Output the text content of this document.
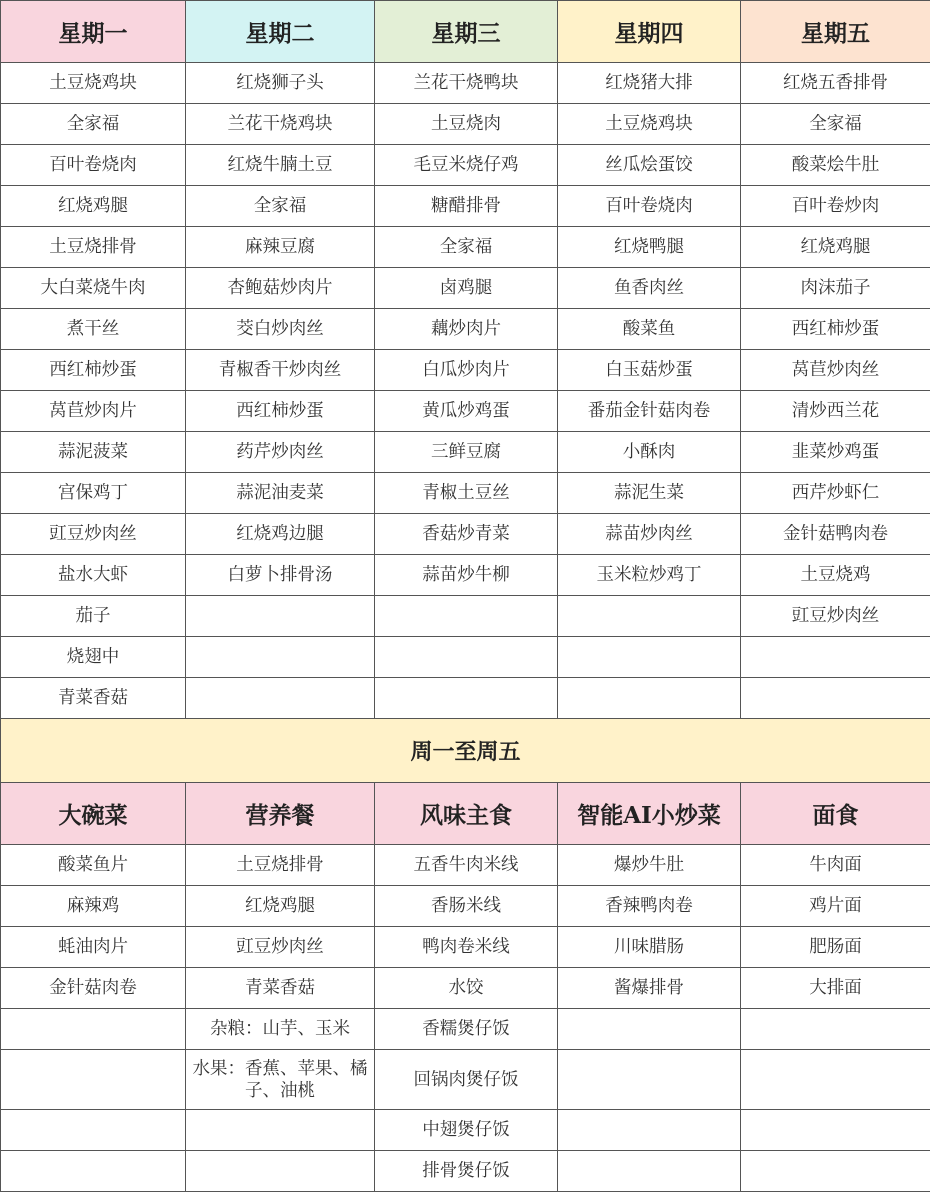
星期一	星期二	星期三	星期四	星期五
土豆烧鸡块	红烧狮子头	兰花干烧鸭块	红烧猪大排	红烧五香排骨
全家福	兰花干烧鸡块	土豆烧肉	土豆烧鸡块	全家福
百叶卷烧肉	红烧牛腩土豆	毛豆米烧仔鸡	丝瓜烩蛋饺	酸菜烩牛肚
红烧鸡腿	全家福	糖醋排骨	百叶卷烧肉	百叶卷炒肉
土豆烧排骨	麻辣豆腐	全家福	红烧鸭腿	红烧鸡腿
大白菜烧牛肉	杏鲍菇炒肉片	卤鸡腿	鱼香肉丝	肉沫茄子
煮干丝	茭白炒肉丝	藕炒肉片	酸菜鱼	西红柿炒蛋
西红柿炒蛋	青椒香干炒肉丝	白瓜炒肉片	白玉菇炒蛋	莴苣炒肉丝
莴苣炒肉片	西红柿炒蛋	黄瓜炒鸡蛋	番茄金针菇肉卷	清炒西兰花
蒜泥菠菜	药芹炒肉丝	三鲜豆腐	小酥肉	韭菜炒鸡蛋
宫保鸡丁	蒜泥油麦菜	青椒土豆丝	蒜泥生菜	西芹炒虾仁
豇豆炒肉丝	红烧鸡边腿	香菇炒青菜	蒜苗炒肉丝	金针菇鸭肉卷
盐水大虾	白萝卜排骨汤	蒜苗炒牛柳	玉米粒炒鸡丁	土豆烧鸡
茄子				豇豆炒肉丝
烧翅中				
青菜香菇				
周一至周五				
大碗菜	营养餐	风味主食	智能AI小炒菜	面食
酸菜鱼片	土豆烧排骨	五香牛肉米线	爆炒牛肚	牛肉面
麻辣鸡	红烧鸡腿	香肠米线	香辣鸭肉卷	鸡片面
蚝油肉片	豇豆炒肉丝	鸭肉卷米线	川味腊肠	肥肠面
金针菇肉卷	青菜香菇	水饺	酱爆排骨	大排面
	杂粮：山芋、玉米	香糯煲仔饭		
	水果：香蕉、苹果、橘子、油桃	回锅肉煲仔饭		
		中翅煲仔饭		
		排骨煲仔饭		
